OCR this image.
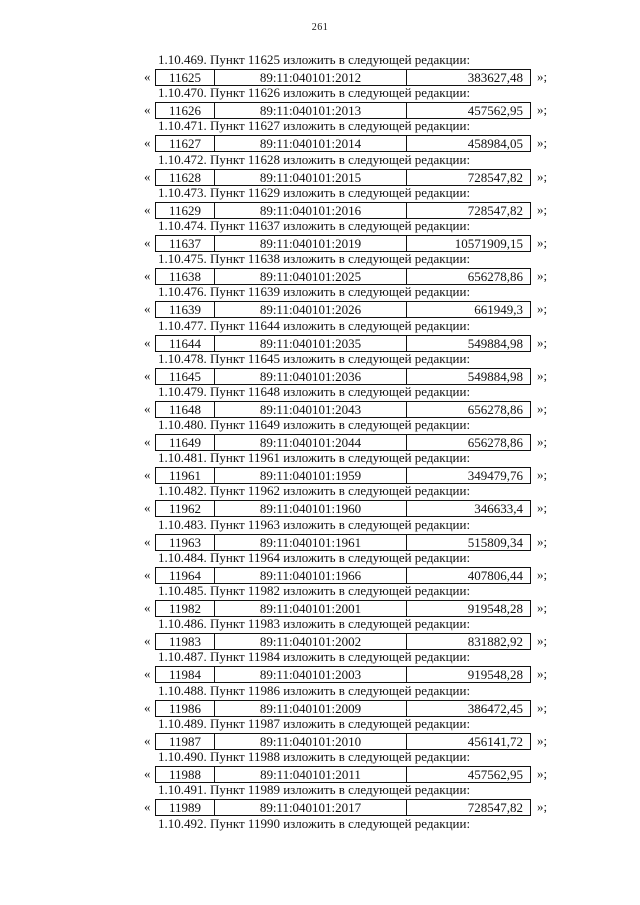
261
1.10.469. Пункт 11625 изложить в следующей редакции:
«	11625	89:11:040101:2012	383627,48	»;
1.10.470. Пункт 11626 изложить в следующей редакции:
«	11626	89:11:040101:2013	457562,95	»;
1.10.471. Пункт 11627 изложить в следующей редакции:
«	11627	89:11:040101:2014	458984,05	»;
1.10.472. Пункт 11628 изложить в следующей редакции:
«	11628	89:11:040101:2015	728547,82	»;
1.10.473. Пункт 11629 изложить в следующей редакции:
«	11629	89:11:040101:2016	728547,82	»;
1.10.474. Пункт 11637 изложить в следующей редакции:
«	11637	89:11:040101:2019	10571909,15	»;
1.10.475. Пункт 11638 изложить в следующей редакции:
«	11638	89:11:040101:2025	656278,86	»;
1.10.476. Пункт 11639 изложить в следующей редакции:
«	11639	89:11:040101:2026	661949,3	»;
1.10.477. Пункт 11644 изложить в следующей редакции:
«	11644	89:11:040101:2035	549884,98	»;
1.10.478. Пункт 11645 изложить в следующей редакции:
«	11645	89:11:040101:2036	549884,98	»;
1.10.479. Пункт 11648 изложить в следующей редакции:
«	11648	89:11:040101:2043	656278,86	»;
1.10.480. Пункт 11649 изложить в следующей редакции:
«	11649	89:11:040101:2044	656278,86	»;
1.10.481. Пункт 11961 изложить в следующей редакции:
«	11961	89:11:040101:1959	349479,76	»;
1.10.482. Пункт 11962 изложить в следующей редакции:
«	11962	89:11:040101:1960	346633,4	»;
1.10.483. Пункт 11963 изложить в следующей редакции:
«	11963	89:11:040101:1961	515809,34	»;
1.10.484. Пункт 11964 изложить в следующей редакции:
«	11964	89:11:040101:1966	407806,44	»;
1.10.485. Пункт 11982 изложить в следующей редакции:
«	11982	89:11:040101:2001	919548,28	»;
1.10.486. Пункт 11983 изложить в следующей редакции:
«	11983	89:11:040101:2002	831882,92	»;
1.10.487. Пункт 11984 изложить в следующей редакции:
«	11984	89:11:040101:2003	919548,28	»;
1.10.488. Пункт 11986 изложить в следующей редакции:
«	11986	89:11:040101:2009	386472,45	»;
1.10.489. Пункт 11987 изложить в следующей редакции:
«	11987	89:11:040101:2010	456141,72	»;
1.10.490. Пункт 11988 изложить в следующей редакции:
«	11988	89:11:040101:2011	457562,95	»;
1.10.491. Пункт 11989 изложить в следующей редакции:
«	11989	89:11:040101:2017	728547,82	»;
1.10.492. Пункт 11990 изложить в следующей редакции:
